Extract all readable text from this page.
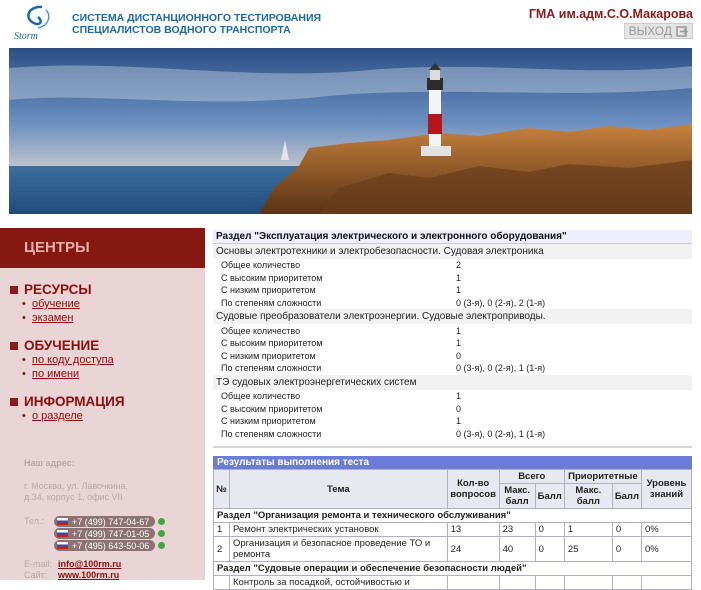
Storm
СИСТЕМА ДИСТАНЦИОННОГО ТЕСТИРОВАНИЯ
СПЕЦИАЛИСТОВ ВОДНОГО ТРАНСПОРТА
ГМА им.адм.С.О.Макарова
ВЫХОД
ЦЕНТРЫ
РЕСУРСЫ
• обучение
• экзамен
ОБУЧЕНИЕ
• по коду доступа
• по имени
ИНФОРМАЦИЯ
• о разделе
Наш адрес:
г. Москва, ул. Лавочкина,
д.34, корпус 1, офис VII
Тел.:	+7 (499) 747-04-67
+7 (499) 747-01-05
+7 (495) 643-50-06
E-mail: info@100rm.ru
Сайт: www.100rm.ru
Раздел "Эксплуатация электрического и электронного оборудования"	
Основы электротехники и электробезопасности. Судовая электроника	
Общее количество	2
С высоким приоритетом	1
С низким приоритетом	1
По степеням сложности	0 (3-я), 0 (2-я), 2 (1-я)
Судовые преобразователи электроэнергии. Судовые электроприводы.	
Общее количество	1
С высоким приоритетом	1
С низким приоритетом	0
По степеням сложности	0 (3-я), 0 (2-я), 1 (1-я)
ТЭ судовых электроэнергетических систем	
Общее количество	1
С высоким приоритетом	0
С низким приоритетом	1
По степеням сложности	0 (3-я), 0 (2-я), 1 (1-я)
Результаты выполнения теста
№	Тема	Кол-во вопросов	Всего		Приоритетные		Уровень знаний
			Макс. балл	Балл	Макс. балл	Балл	
Раздел "Организация ремонта и технического обслуживания"							
1	Ремонт электрических установок	13	23	0	1	0	0%
2	Организация и безопасное проведение ТО и ремонта	24	40	0	25	0	0%
Раздел "Судовые операции и обеспечение безопасности людей"							
	Контроль за посадкой, остойчивостью и						
